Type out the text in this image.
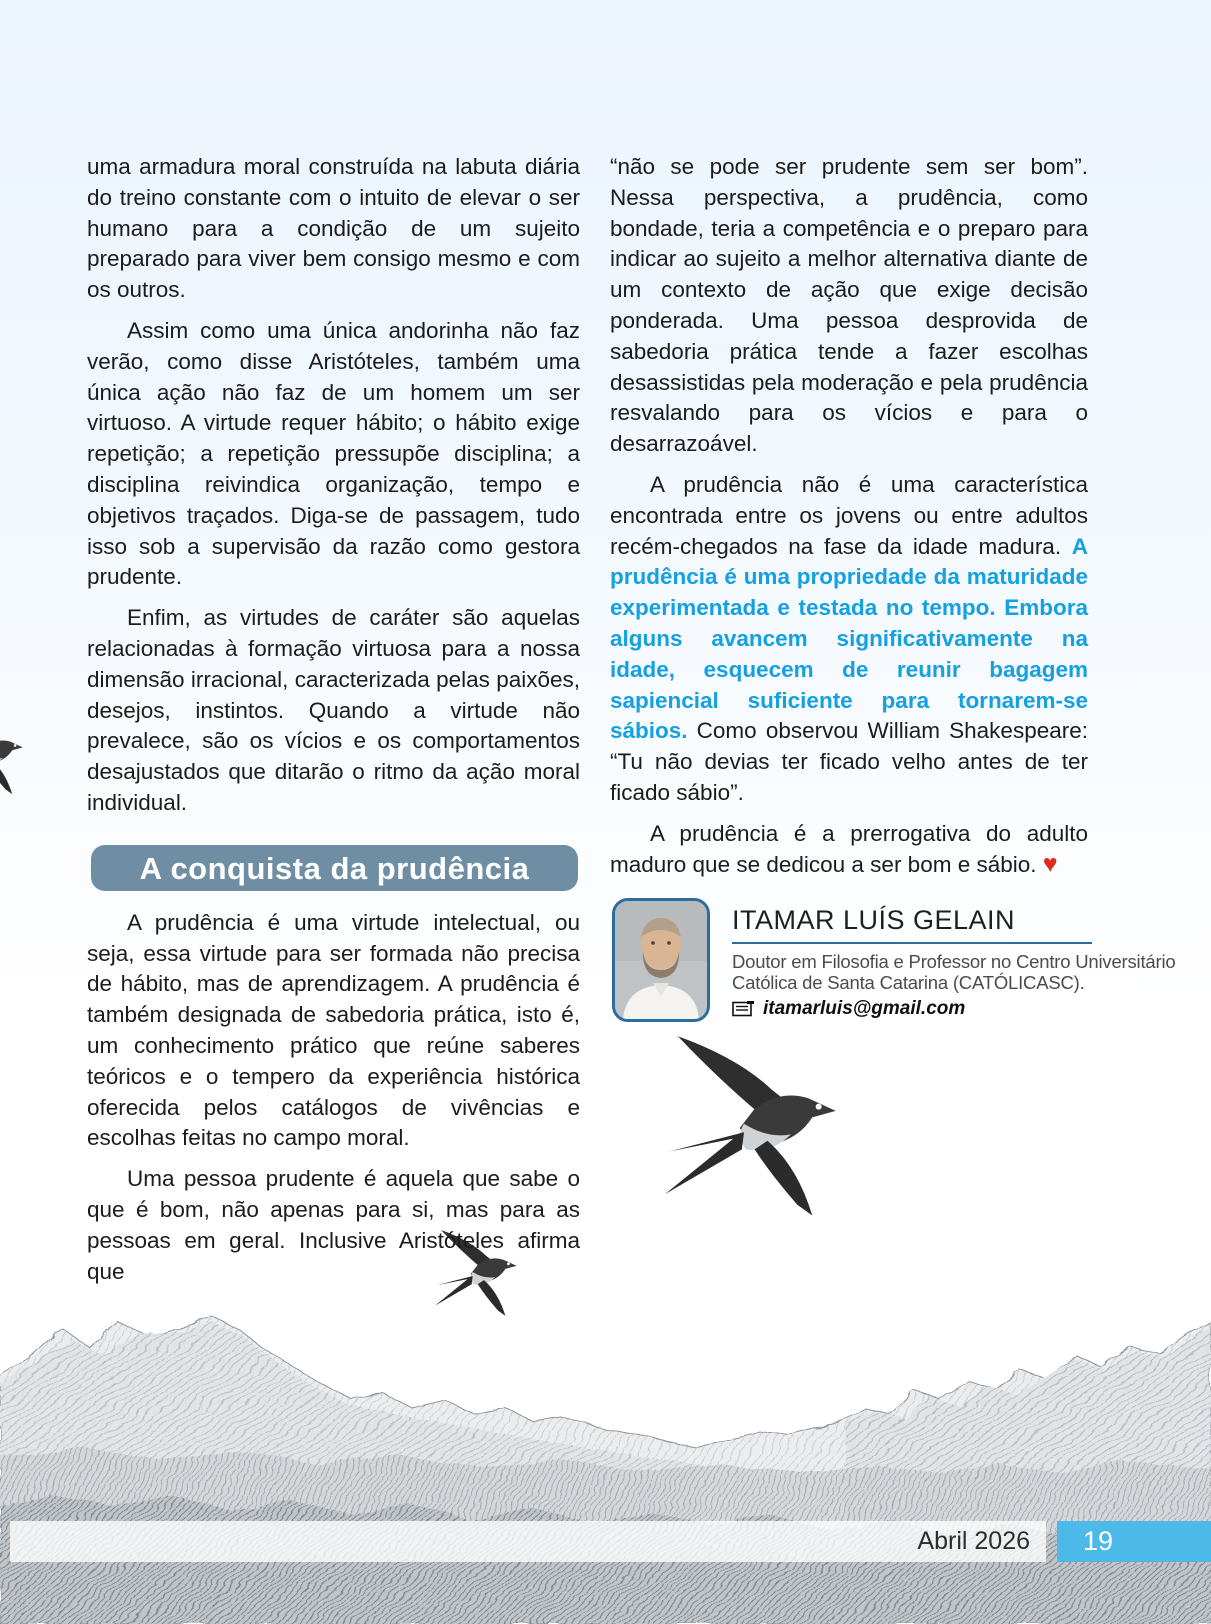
uma armadura moral construída na labuta diária do treino constante com o intuito de elevar o ser humano para a condição de um sujeito preparado para viver bem consigo mesmo e com os outros.

Assim como uma única andorinha não faz verão, como disse Aristóteles, também uma única ação não faz de um homem um ser virtuoso. A virtude requer hábito; o hábito exige repetição; a repetição pressupõe disciplina; a disciplina reivindica organização, tempo e objetivos traçados. Diga-se de passagem, tudo isso sob a supervisão da razão como gestora prudente.

Enfim, as virtudes de caráter são aquelas relacionadas à formação virtuosa para a nossa dimensão irracional, caracterizada pelas paixões, desejos, instintos. Quando a virtude não prevalece, são os vícios e os comportamentos desajustados que ditarão o ritmo da ação moral individual.

A conquista da prudência

A prudência é uma virtude intelectual, ou seja, essa virtude para ser formada não precisa de hábito, mas de aprendizagem. A prudência é também designada de sabedoria prática, isto é, um conhecimento prático que reúne saberes teóricos e o tempero da experiência histórica oferecida pelos catálogos de vivências e escolhas feitas no campo moral.

Uma pessoa prudente é aquela que sabe o que é bom, não apenas para si, mas para as pessoas em geral. Inclusive Aristóteles afirma que

“não se pode ser prudente sem ser bom”. Nessa perspectiva, a prudência, como bondade, teria a competência e o preparo para indicar ao sujeito a melhor alternativa diante de um contexto de ação que exige decisão ponderada. Uma pessoa desprovida de sabedoria prática tende a fazer escolhas desassistidas pela moderação e pela prudência resvalando para os vícios e para o desarrazoável.

A prudência não é uma característica encontrada entre os jovens ou entre adultos recém-chegados na fase da idade madura. A prudência é uma propriedade da maturidade experimentada e testada no tempo. Embora alguns avancem significativamente na idade, esquecem de reunir bagagem sapiencial suficiente para tornarem-se sábios. Como observou William Shakespeare: “Tu não devias ter ficado velho antes de ter ficado sábio”.

A prudência é a prerrogativa do adulto maduro que se dedicou a ser bom e sábio. ♥

ITAMAR LUÍS GELAIN
Doutor em Filosofia e Professor no Centro Universitário
Católica de Santa Catarina (CATÓLICASC).
itamarluis@gmail.com
Abril 2026 19
